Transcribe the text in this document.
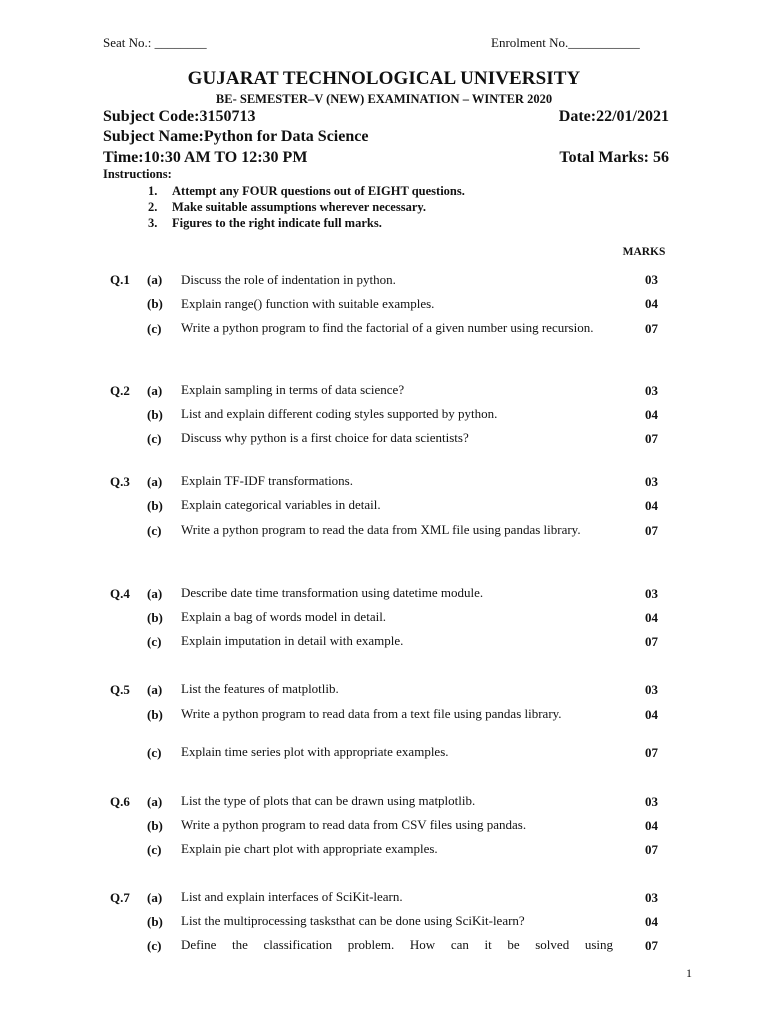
Seat No.: ________	Enrolment No.___________
GUJARAT TECHNOLOGICAL UNIVERSITY
BE- SEMESTER–V (NEW) EXAMINATION – WINTER 2020
Subject Code:3150713	Date:22/01/2021
Subject Name:Python for Data Science
Time:10:30 AM TO 12:30 PM	Total Marks: 56
Instructions:
1. Attempt any FOUR questions out of EIGHT questions.
2. Make suitable assumptions wherever necessary.
3. Figures to the right indicate full marks.
MARKS
Q.1 (a) Discuss the role of indentation in python.	03
(b) Explain range() function with suitable examples.	04
(c) Write a python program to find the factorial of a given number using recursion.	07
Q.2 (a) Explain sampling in terms of data science?	03
(b) List and explain different coding styles supported by python.	04
(c) Discuss why python is a first choice for data scientists?	07
Q.3 (a) Explain TF-IDF transformations.	03
(b) Explain categorical variables in detail.	04
(c) Write a python program to read the data from XML file using pandas library.	07
Q.4 (a) Describe date time transformation using datetime module.	03
(b) Explain a bag of words model in detail.	04
(c) Explain imputation in detail with example.	07
Q.5 (a) List the features of matplotlib.	03
(b) Write a python program to read data from a text file using pandas library.	04
(c) Explain time series plot with appropriate examples.	07
Q.6 (a) List the type of plots that can be drawn using matplotlib.	03
(b) Write a python program to read data from CSV files using pandas.	04
(c) Explain pie chart plot with appropriate examples.	07
Q.7 (a) List and explain interfaces of SciKit-learn.	03
(b) List the multiprocessing tasksthat can be done using SciKit-learn?	04
(c) Define the classification problem. How can it be solved using 07
1
